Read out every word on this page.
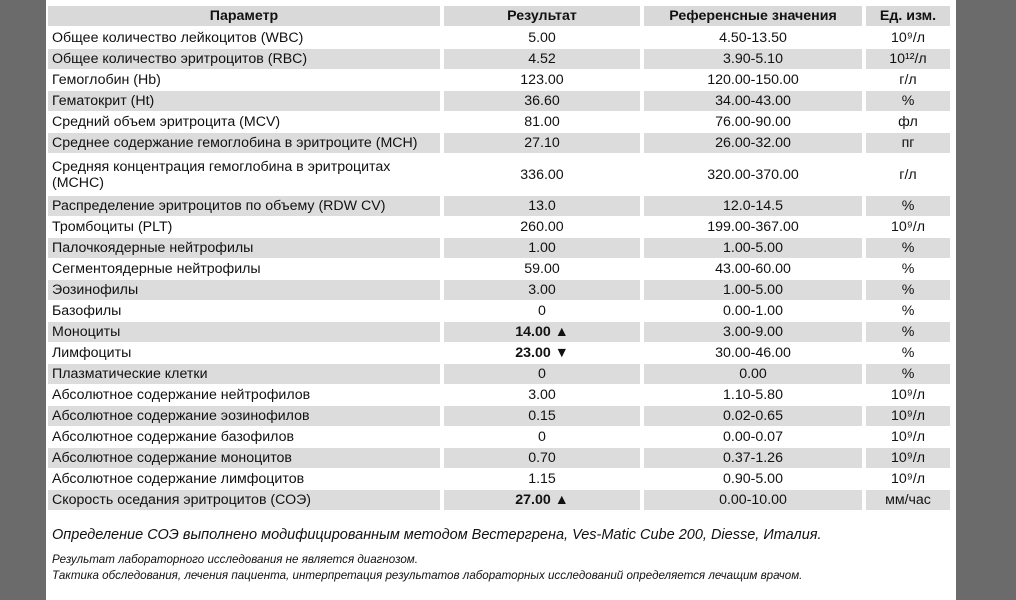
Параметр	Результат	Референсные значения	Ед. изм.
Общее количество лейкоцитов (WBC)	5.00	4.50-13.50	10⁹/л
Общее количество эритроцитов (RBC)	4.52	3.90-5.10	10¹²/л
Гемоглобин (Hb)	123.00	120.00-150.00	г/л
Гематокрит (Ht)	36.60	34.00-43.00	%
Средний объем эритроцита (MCV)	81.00	76.00-90.00	фл
Среднее содержание гемоглобина в эритроците (MCH)	27.10	26.00-32.00	пг
Средняя концентрация гемоглобина в эритроцитах (MCHC)	336.00	320.00-370.00	г/л
Распределение эритроцитов по объему (RDW CV)	13.0	12.0-14.5	%
Тромбоциты (PLT)	260.00	199.00-367.00	10⁹/л
Палочкоядерные нейтрофилы	1.00	1.00-5.00	%
Сегментоядерные нейтрофилы	59.00	43.00-60.00	%
Эозинофилы	3.00	1.00-5.00	%
Базофилы	0	0.00-1.00	%
Моноциты	14.00 ▲	3.00-9.00	%
Лимфоциты	23.00 ▼	30.00-46.00	%
Плазматические клетки	0	0.00	%
Абсолютное содержание нейтрофилов	3.00	1.10-5.80	10⁹/л
Абсолютное содержание эозинофилов	0.15	0.02-0.65	10⁹/л
Абсолютное содержание базофилов	0	0.00-0.07	10⁹/л
Абсолютное содержание моноцитов	0.70	0.37-1.26	10⁹/л
Абсолютное содержание лимфоцитов	1.15	0.90-5.00	10⁹/л
Скорость оседания эритроцитов (СОЭ)	27.00 ▲	0.00-10.00	мм/час
Определение СОЭ выполнено модифицированным методом Вестергрена, Ves-Matic Cube 200, Diesse, Италия.
Результат лабораторного исследования не является диагнозом.
Тактика обследования, лечения пациента, интерпретация результатов лабораторных исследований определяется лечащим врачом.
